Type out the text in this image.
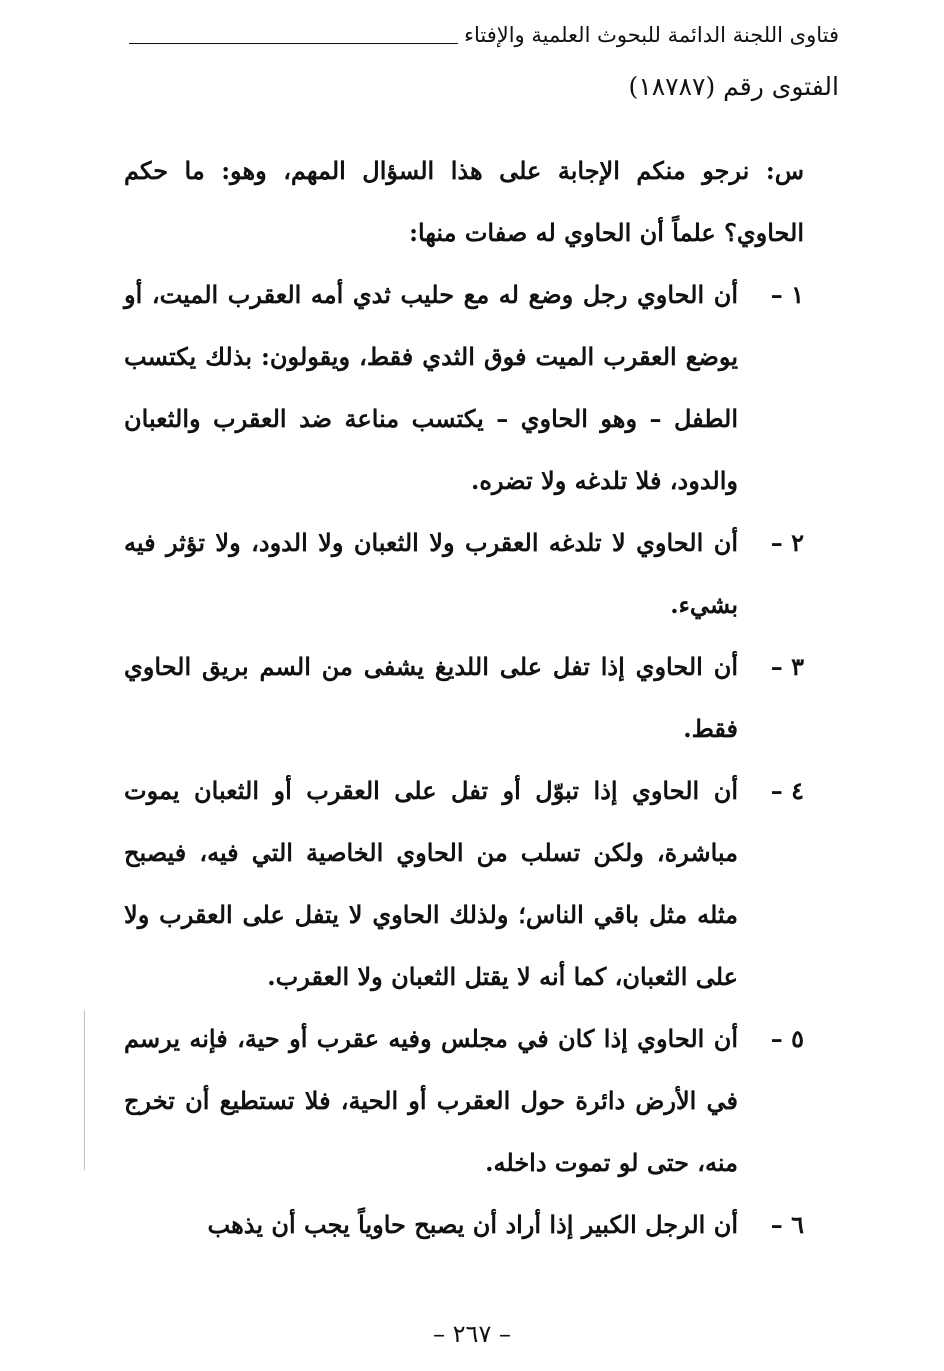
فتاوى اللجنة الدائمة للبحوث العلمية والإفتاء
الفتوى رقم (١٨٧٨٧)

س: نرجو منكم الإجابة على هذا السؤال المهم، وهو: ما حكم الحاوي؟ علماً أن الحاوي له صفات منها:

١ –
أن الحاوي رجل وضع له مع حليب ثدي أمه العقرب الميت، أو يوضع العقرب الميت فوق الثدي فقط، ويقولون: بذلك يكتسب الطفل – وهو الحاوي – يكتسب مناعة ضد العقرب والثعبان والدود، فلا تلدغه ولا تضره.
٢ –
أن الحاوي لا تلدغه العقرب ولا الثعبان ولا الدود، ولا تؤثر فيه بشيء.
٣ –
أن الحاوي إذا تفل على اللديغ يشفى من السم بريق الحاوي فقط.
٤ –
أن الحاوي إذا تبوّل أو تفل على العقرب أو الثعبان يموت مباشرة، ولكن تسلب من الحاوي الخاصية التي فيه، فيصبح مثله مثل باقي الناس؛ ولذلك الحاوي لا يتفل على العقرب ولا على الثعبان، كما أنه لا يقتل الثعبان ولا العقرب.
٥ –
أن الحاوي إذا كان في مجلس وفيه عقرب أو حية، فإنه يرسم في الأرض دائرة حول العقرب أو الحية، فلا تستطيع أن تخرج منه، حتى لو تموت داخله.
٦ –
أن الرجل الكبير إذا أراد أن يصبح حاوياً يجب أن يذهب
– ٢٦٧ –
